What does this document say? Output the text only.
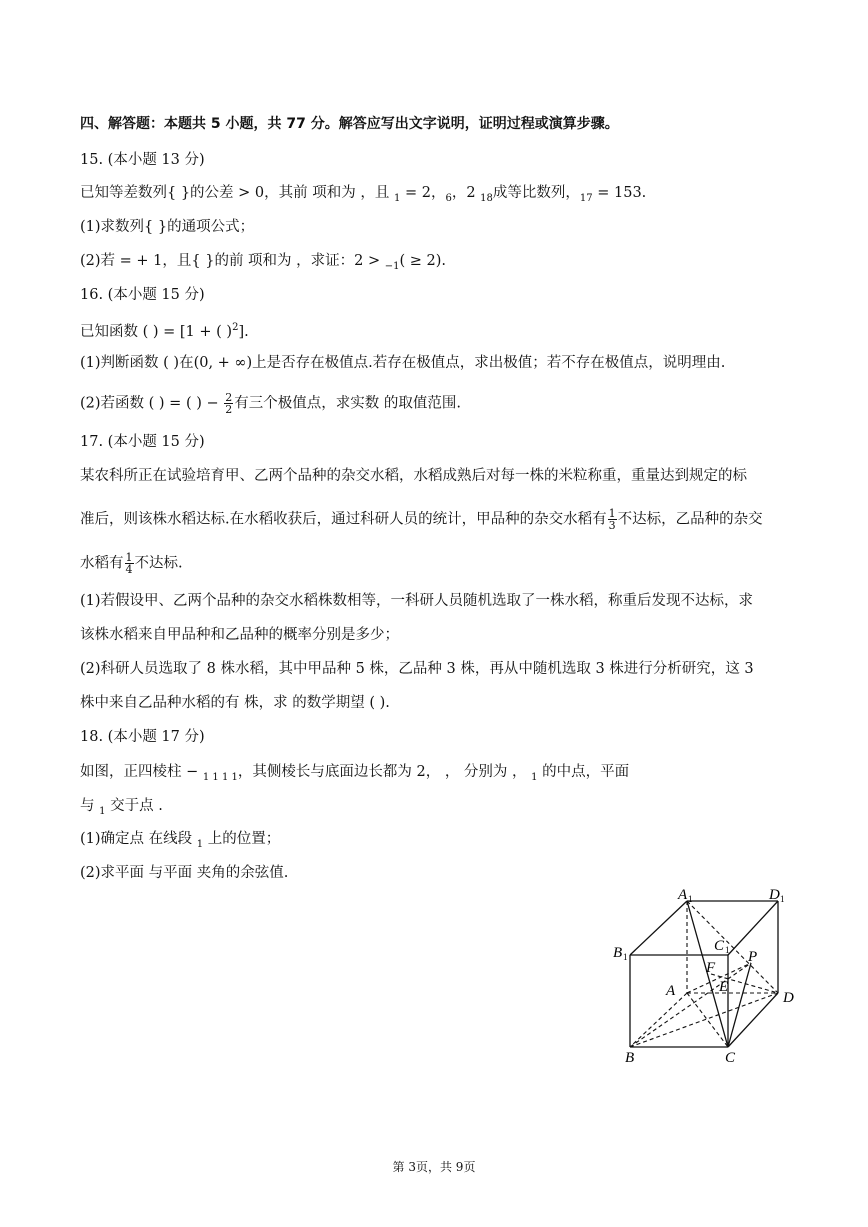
四、解答题：本题共 5 小题，共 77 分。解答应写出文字说明，证明过程或演算步骤。
15. (本小题 13 分)
已知等差数列{ }的公差 > 0，其前 项和为 ，且 $_1$ = 2，$_6$，2 $_{18}$成等比数列，$_{17}$ = 153.
(1)求数列{ }的通项公式；
(2)若 = + 1，且{ }的前 项和为 ，求证：2 > $_{-1}$( ≥ 2).
16. (本小题 15 分)
已知函数 ( ) = [1 + ( )$^2$].
(1)判断函数 ( )在(0, + ∞)上是否存在极值点.若存在极值点，求出极值；若不存在极值点，说明理由.
(2)若函数 ( ) = ( ) − $\frac{2}{2}$ 有三个极值点，求实数 的取值范围.
17. (本小题 15 分)
某农科所正在试验培育甲、乙两个品种的杂交水稻，水稻成熟后对每一株的米粒称重，重量达到规定的标
准后，则该株水稻达标.在水稻收获后，通过科研人员的统计，甲品种的杂交水稻有 $\frac{1}{3}$ 不达标，乙品种的杂交
水稻有 $\frac{1}{4}$ 不达标.
(1)若假设甲、乙两个品种的杂交水稻株数相等，一科研人员随机选取了一株水稻，称重后发现不达标，求
该株水稻来自甲品种和乙品种的概率分别是多少；
(2)科研人员选取了 8 株水稻，其中甲品种 5 株，乙品种 3 株，再从中随机选取 3 株进行分析研究，这 3
株中来自乙品种水稻的有 株，求 的数学期望 ( ).
18. (本小题 17 分)
如图，正四棱柱 − $_{1 1 1 1}$，其侧棱长与底面边长都为 2， ， 分别为 ， $_1$ 的中点，平面
与 $_1$ 交于点 .
(1)确定点 在线段 $_1$ 上的位置；
(2)求平面 与平面 夹角的余弦值.
A 1	D 1
B 1
C 1 P
F
A	E
D
B	C
第 3页，共 9页
